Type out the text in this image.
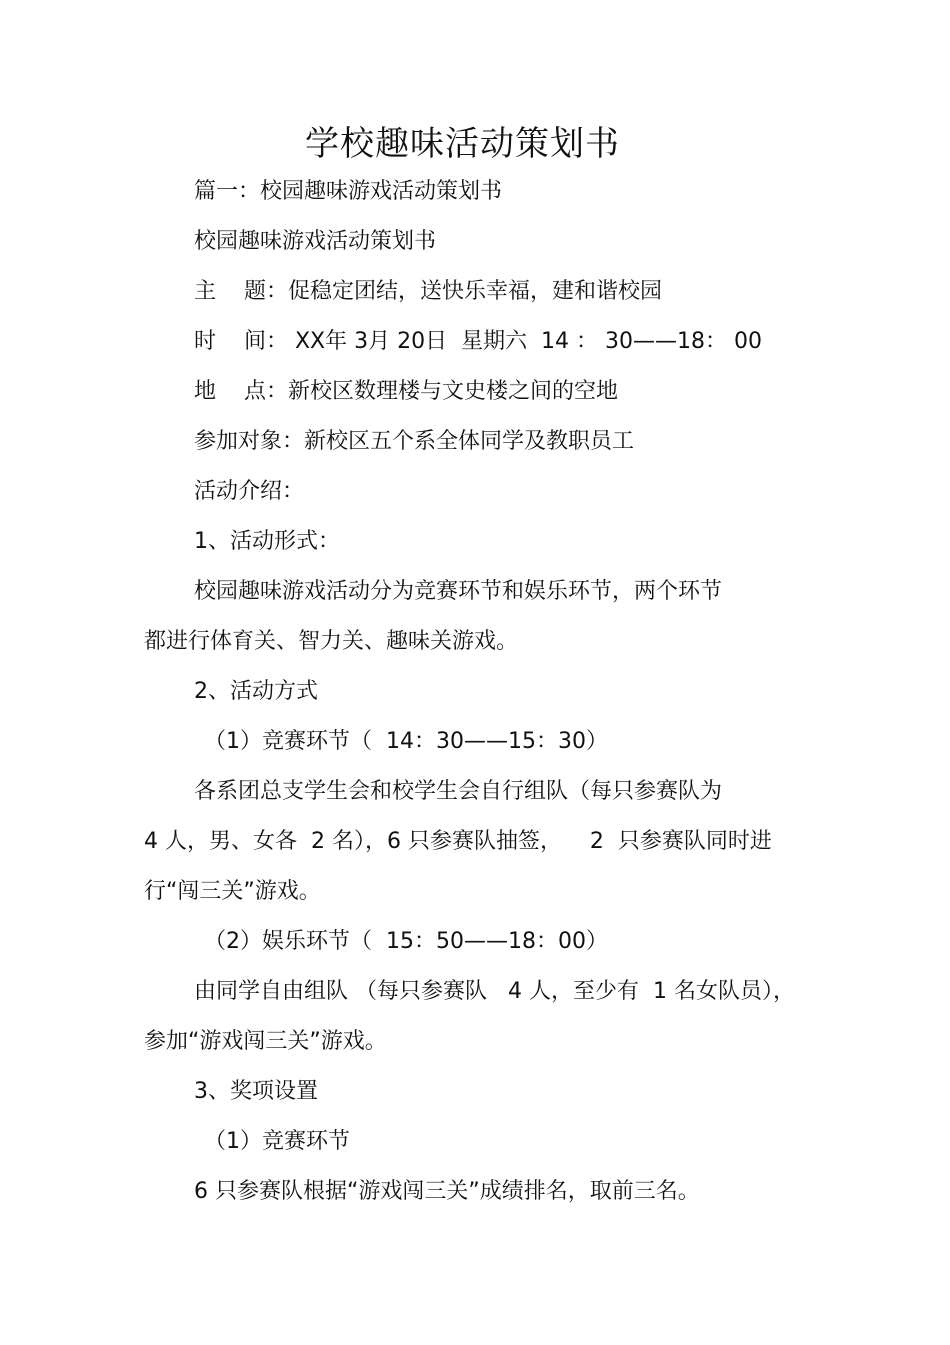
学校趣味活动策划书
篇一：校园趣味游戏活动策划书
校园趣味游戏活动策划书
主    题：促稳定团结，送快乐幸福，建和谐校园
时    间： XX年 3月 20日  星期六  14 ： 30——18： 00
地    点：新校区数理楼与文史楼之间的空地
参加对象：新校区五个系全体同学及教职员工
活动介绍：
1、活动形式：
校园趣味游戏活动分为竞赛环节和娱乐环节，两个环节
都进行体育关、智力关、趣味关游戏。
2、活动方式
（1）竞赛环节（  14：30——15：30）
各系团总支学生会和校学生会自行组队（每只参赛队为
4 人，男、女各  2 名），6 只参赛队抽签，    2  只参赛队同时进
行“闯三关”游戏。
（2）娱乐环节（  15：50——18：00）
由同学自由组队 （每只参赛队   4 人，至少有  1 名女队员），
参加“游戏闯三关”游戏。
3、奖项设置
（1）竞赛环节
6 只参赛队根据“游戏闯三关”成绩排名，取前三名。
